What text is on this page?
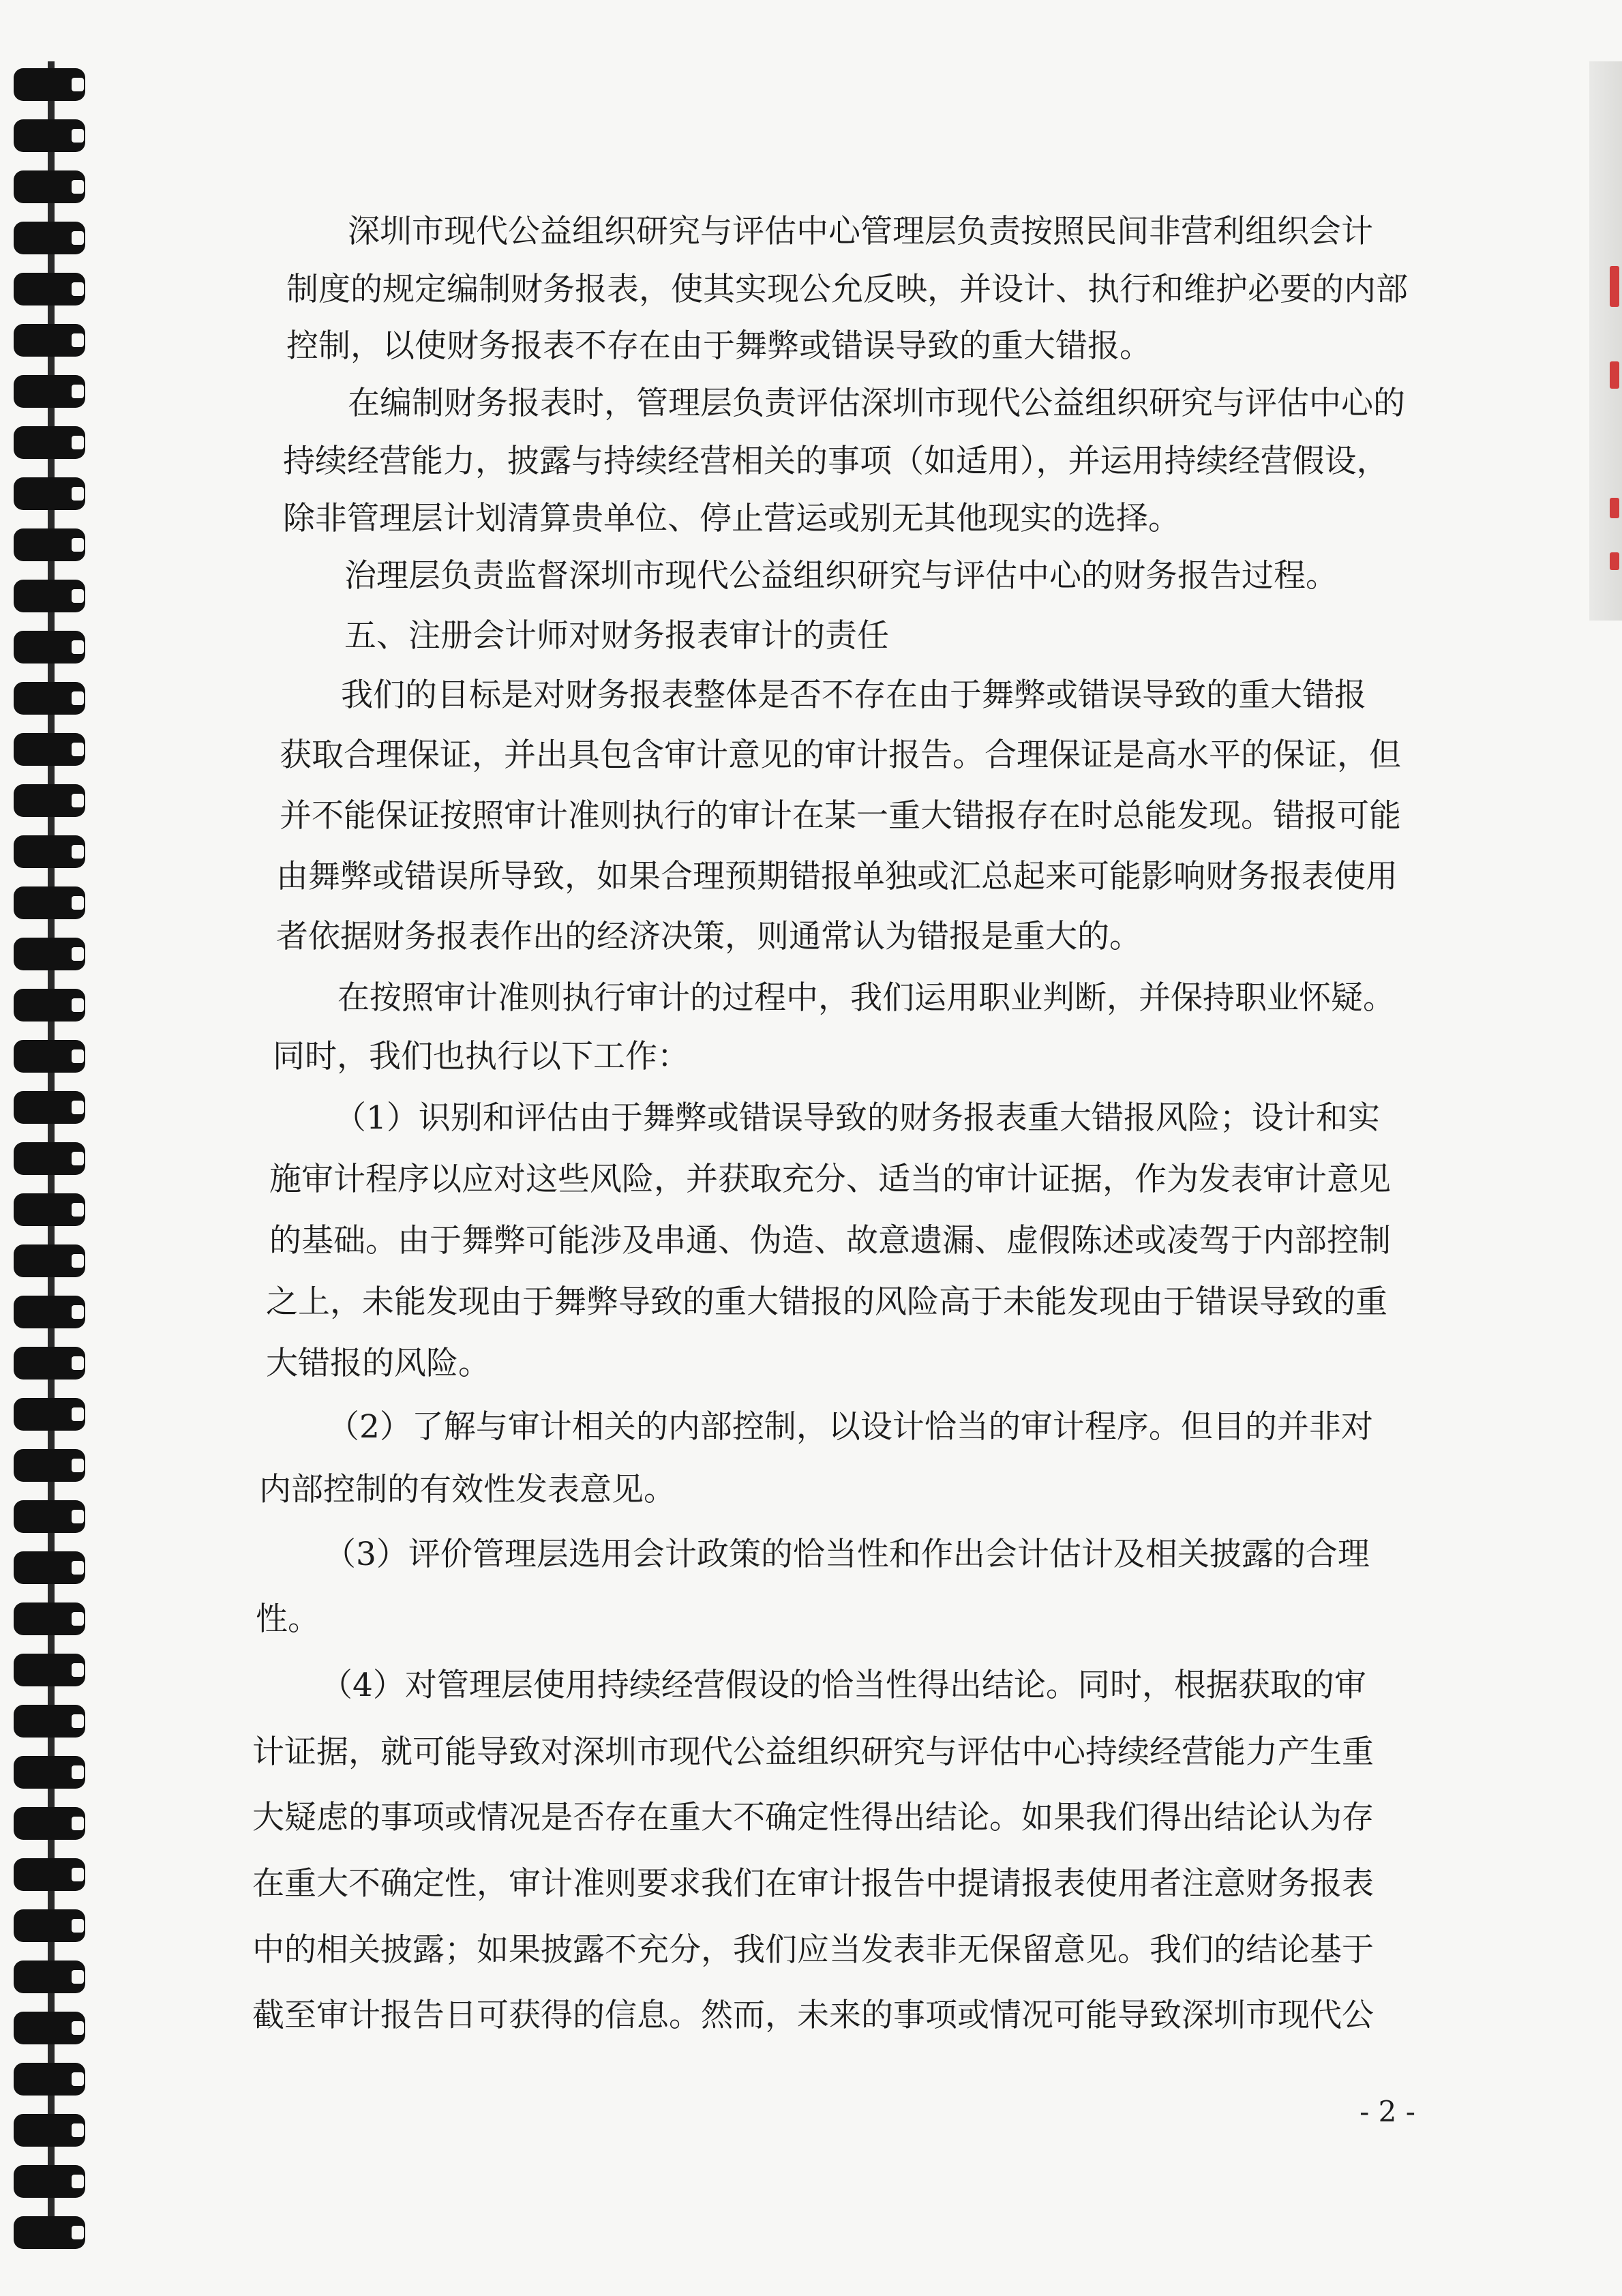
深圳市现代公益组织研究与评估中心管理层负责按照民间非营利组织会计
制度的规定编制财务报表，使其实现公允反映，并设计、执行和维护必要的内部
控制，以使财务报表不存在由于舞弊或错误导致的重大错报。
在编制财务报表时，管理层负责评估深圳市现代公益组织研究与评估中心的
持续经营能力，披露与持续经营相关的事项（如适用），并运用持续经营假设，
除非管理层计划清算贵单位、停止营运或别无其他现实的选择。
治理层负责监督深圳市现代公益组织研究与评估中心的财务报告过程。
五、注册会计师对财务报表审计的责任
我们的目标是对财务报表整体是否不存在由于舞弊或错误导致的重大错报
获取合理保证，并出具包含审计意见的审计报告。合理保证是高水平的保证，但
并不能保证按照审计准则执行的审计在某一重大错报存在时总能发现。错报可能
由舞弊或错误所导致，如果合理预期错报单独或汇总起来可能影响财务报表使用
者依据财务报表作出的经济决策，则通常认为错报是重大的。
在按照审计准则执行审计的过程中，我们运用职业判断，并保持职业怀疑。
同时，我们也执行以下工作：
（1）识别和评估由于舞弊或错误导致的财务报表重大错报风险；设计和实
施审计程序以应对这些风险，并获取充分、适当的审计证据，作为发表审计意见
的基础。由于舞弊可能涉及串通、伪造、故意遗漏、虚假陈述或凌驾于内部控制
之上，未能发现由于舞弊导致的重大错报的风险高于未能发现由于错误导致的重
大错报的风险。
（2）了解与审计相关的内部控制，以设计恰当的审计程序。但目的并非对
内部控制的有效性发表意见。
（3）评价管理层选用会计政策的恰当性和作出会计估计及相关披露的合理
性。
（4）对管理层使用持续经营假设的恰当性得出结论。同时，根据获取的审
计证据，就可能导致对深圳市现代公益组织研究与评估中心持续经营能力产生重
大疑虑的事项或情况是否存在重大不确定性得出结论。如果我们得出结论认为存
在重大不确定性，审计准则要求我们在审计报告中提请报表使用者注意财务报表
中的相关披露；如果披露不充分，我们应当发表非无保留意见。我们的结论基于
截至审计报告日可获得的信息。然而，未来的事项或情况可能导致深圳市现代公
- 2 -
